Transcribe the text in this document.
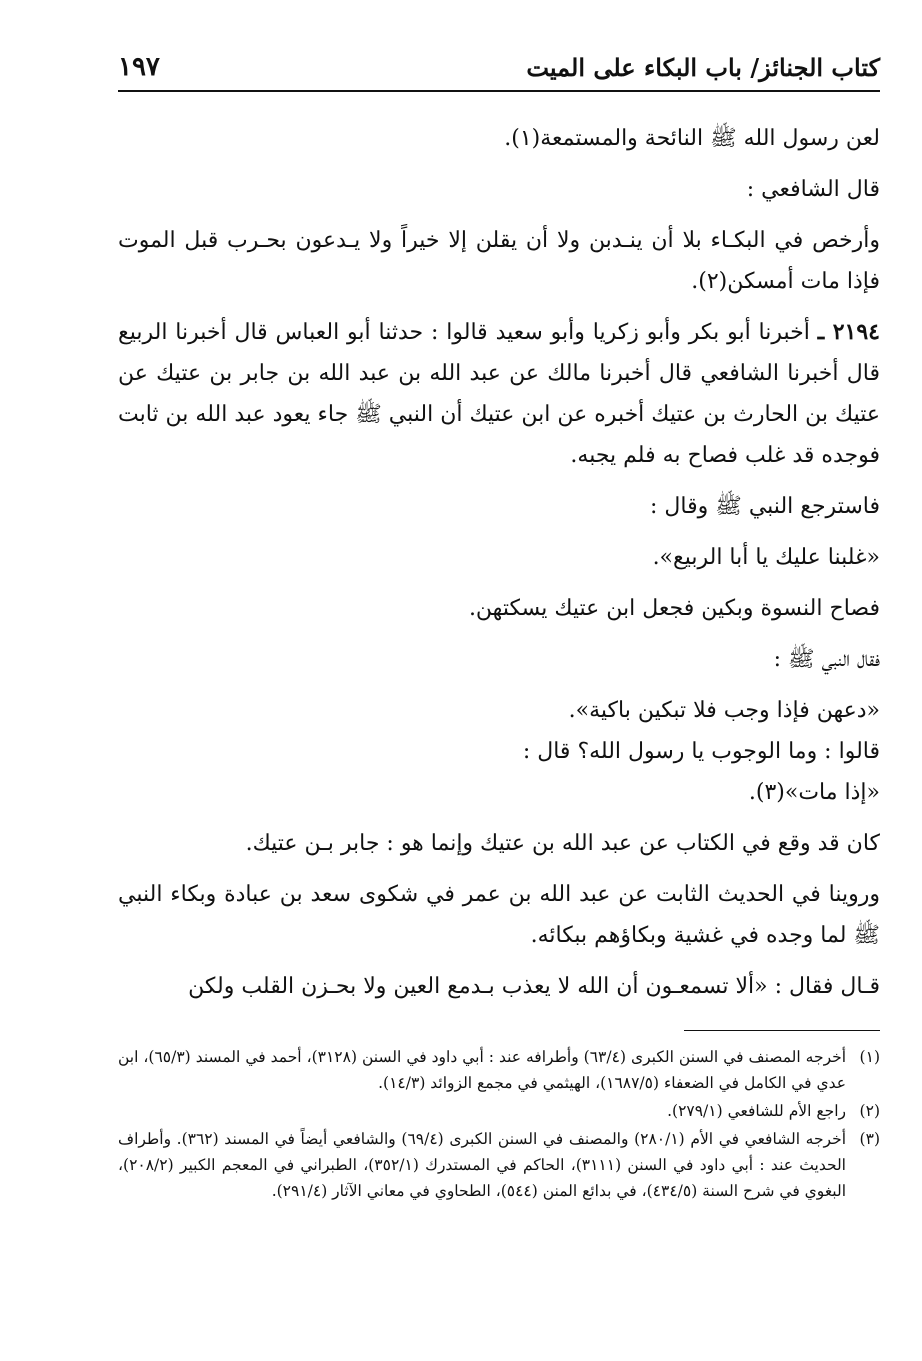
كتاب الجنائز/ باب البكاء على الميت
١٩٧

لعن رسول الله ﷺ النائحة والمستمعة(١).

قال الشافعي :

وأرخص في البكـاء بلا أن ينـدبن ولا أن يقلن إلا خيراً ولا يـدعون بحـرب قبل الموت فإذا مات أمسكن(٢).

٢١٩٤ ـ أخبرنا أبو بكر وأبو زكريا وأبو سعيد قالوا : حدثنا أبو العباس قال أخبرنا الربيع قال أخبرنا الشافعي قال أخبرنا مالك عن عبد الله بن عبد الله بن جابر بن عتيك عن عتيك بن الحارث بن عتيك أخبره عن ابن عتيك أن النبي ﷺ جاء يعود عبد الله بن ثابت فوجده قد غلب فصاح به فلم يجبه.

فاسترجع النبي ﷺ وقال :

«غلبنا عليك يا أبا الربيع».

فصاح النسوة وبكين فجعل ابن عتيك يسكتهن.

فقال النبي ﷺ :

«دعهن فإذا وجب فلا تبكين باكية».

قالوا : وما الوجوب يا رسول الله؟ قال :

«إذا مات»(٣).

كان قد وقع في الكتاب عن عبد الله بن عتيك وإنما هو : جابر بـن عتيك.

وروينا في الحديث الثابت عن عبد الله بن عمر في شكوى سعد بن عبادة وبكاء النبي ﷺ لما وجده في غشية وبكاؤهم ببكائه.

قـال فقال : «ألا تسمعـون أن الله لا يعذب بـدمع العين ولا بحـزن القلب ولكن

(١)
أخرجه المصنف في السنن الكبرى (٦٣/٤) وأطرافه عند : أبي داود في السنن (٣١٢٨)، أحمد في المسند (٦٥/٣)، ابن عدي في الكامل في الضعفاء (١٦٨٧/٥)، الهيثمي في مجمع الزوائد (١٤/٣).
(٢)
راجع الأم للشافعي (٢٧٩/١).
(٣)
أخرجه الشافعي في الأم (٢٨٠/١) والمصنف في السنن الكبرى (٦٩/٤) والشافعي أيضاً في المسند (٣٦٢). وأطراف الحديث عند : أبي داود في السنن (٣١١١)، الحاكم في المستدرك (٣٥٢/١)، الطبراني في المعجم الكبير (٢٠٨/٢)، البغوي في شرح السنة (٤٣٤/٥)، في بدائع المنن (٥٤٤)، الطحاوي في معاني الآثار (٢٩١/٤).
